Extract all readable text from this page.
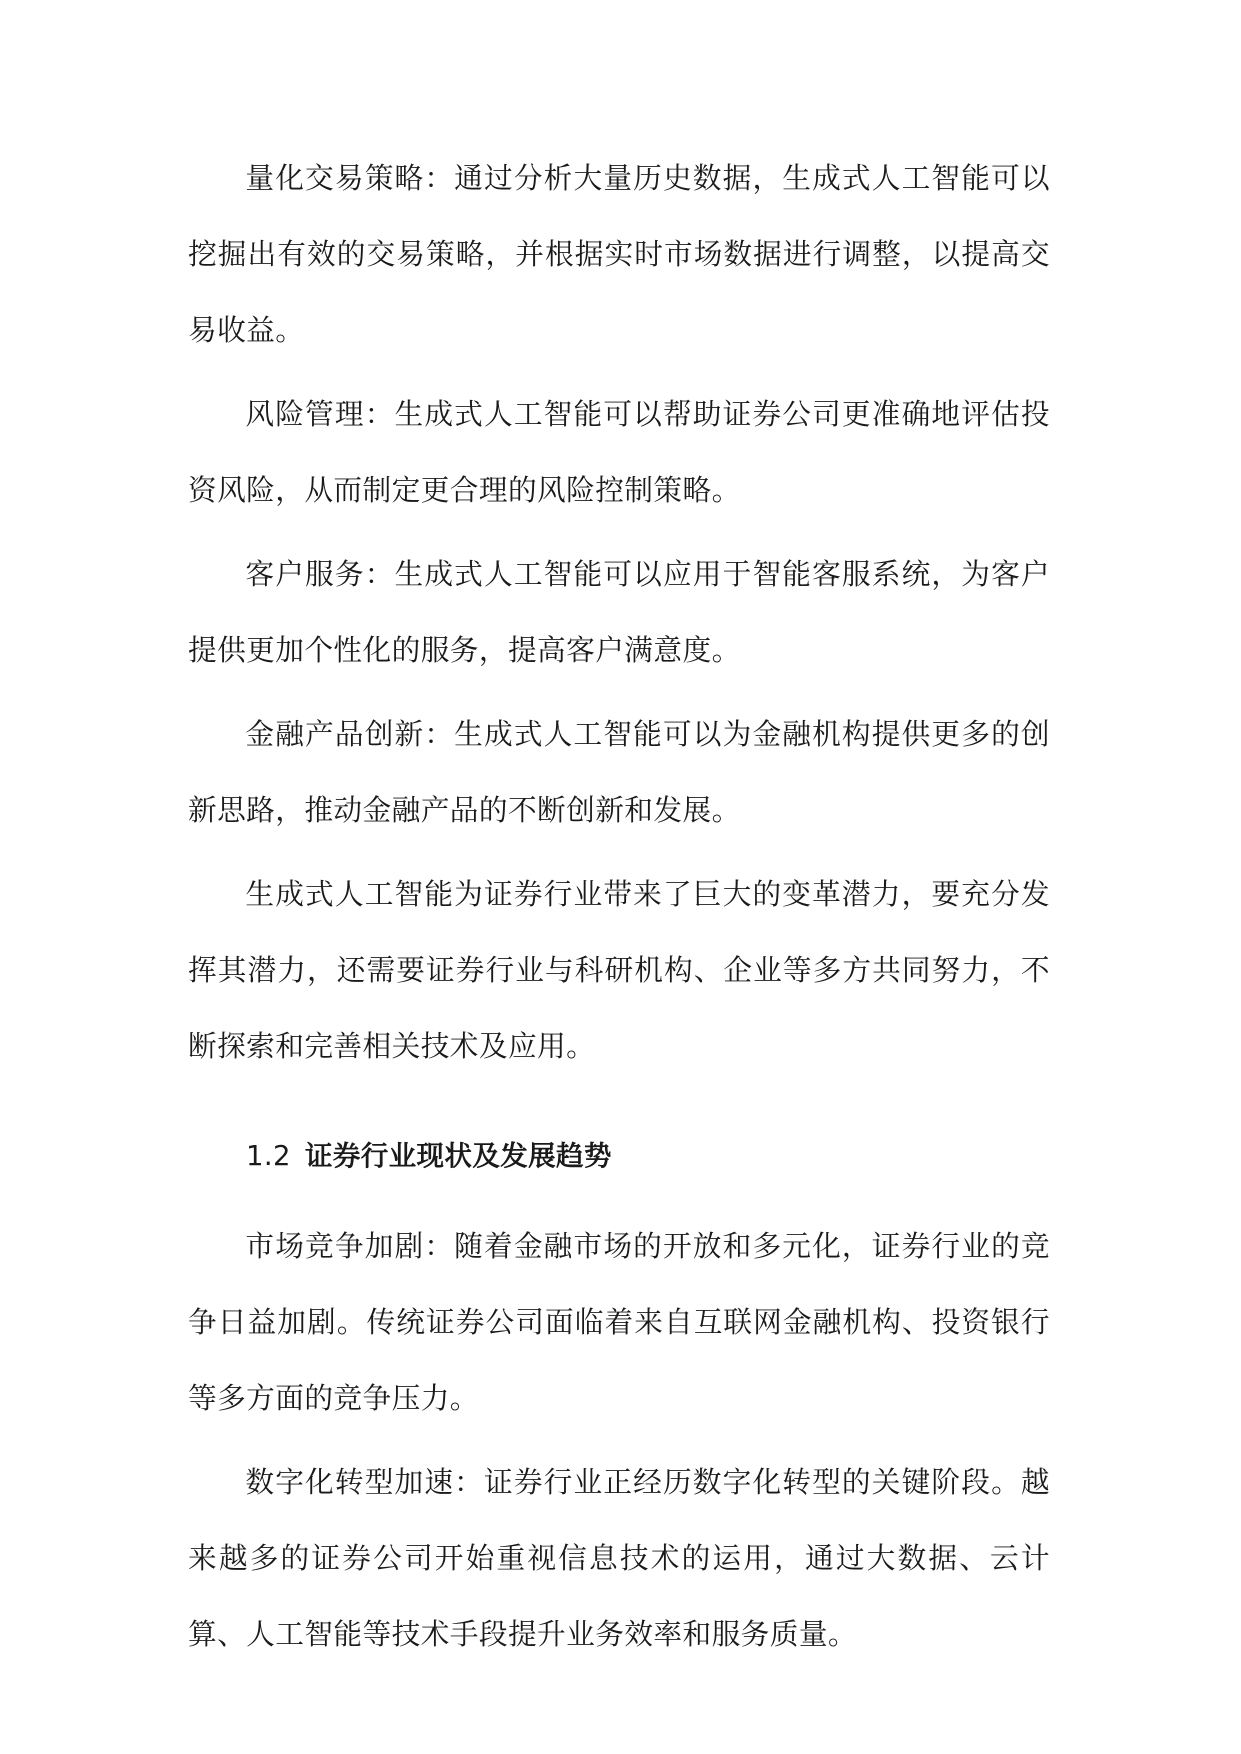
量化交易策略：通过分析大量历史数据，生成式人工智能可以挖掘出有效的交易策略，并根据实时市场数据进行调整，以提高交易收益。

风险管理：生成式人工智能可以帮助证券公司更准确地评估投资风险，从而制定更合理的风险控制策略。

客户服务：生成式人工智能可以应用于智能客服系统，为客户提供更加个性化的服务，提高客户满意度。

金融产品创新：生成式人工智能可以为金融机构提供更多的创新思路，推动金融产品的不断创新和发展。

生成式人工智能为证券行业带来了巨大的变革潜力，要充分发挥其潜力，还需要证券行业与科研机构、企业等多方共同努力，不断探索和完善相关技术及应用。

1.2 证券行业现状及发展趋势

市场竞争加剧：随着金融市场的开放和多元化，证券行业的竞争日益加剧。传统证券公司面临着来自互联网金融机构、投资银行等多方面的竞争压力。

数字化转型加速：证券行业正经历数字化转型的关键阶段。越来越多的证券公司开始重视信息技术的运用，通过大数据、云计算、人工智能等技术手段提升业务效率和服务质量。
